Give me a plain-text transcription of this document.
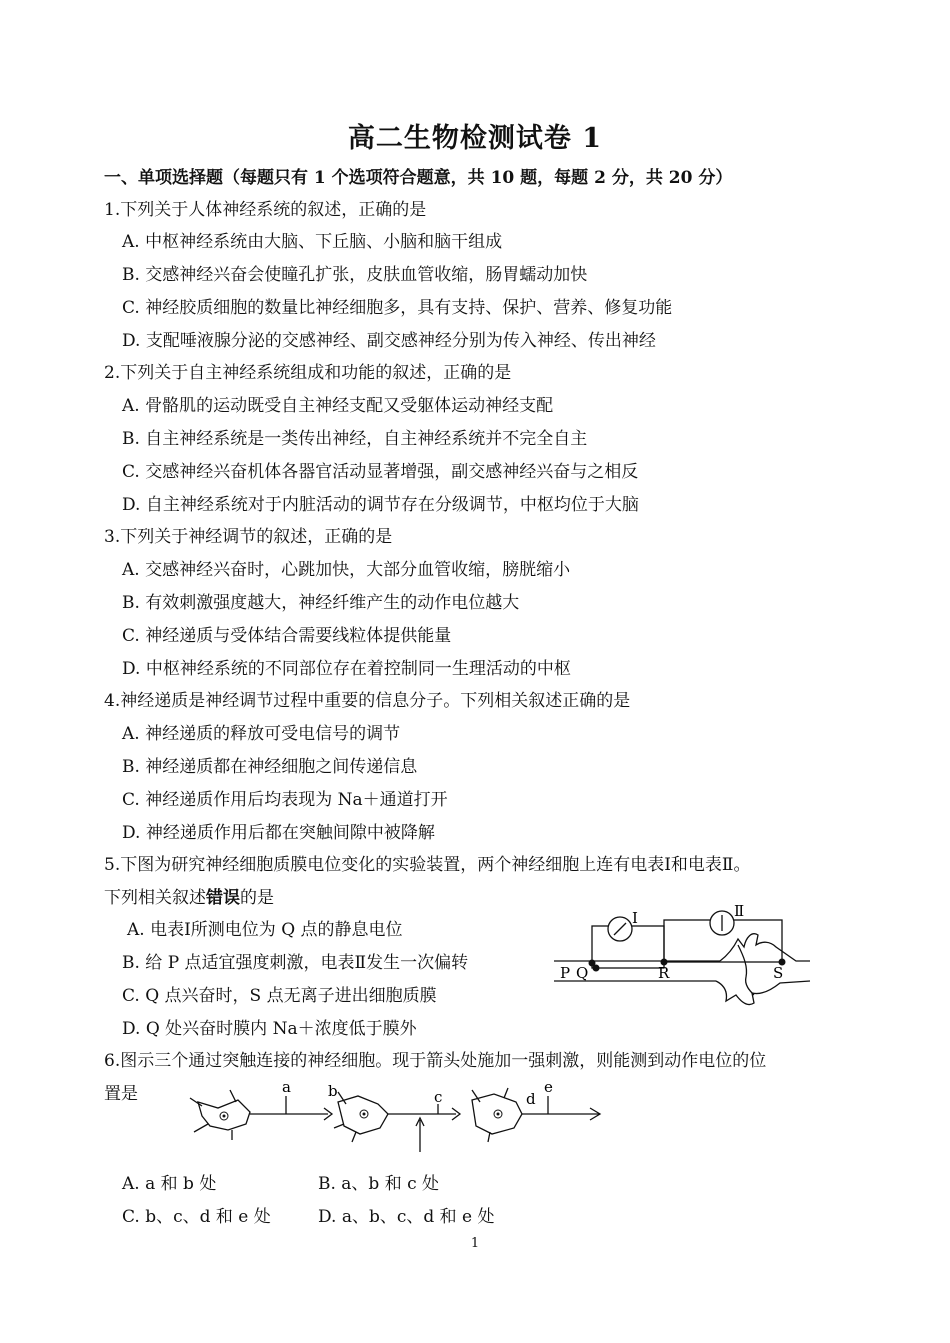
高二生物检测试卷 1
一、单项选择题（每题只有 1 个选项符合题意，共 10 题，每题 2 分，共 20 分）
1.下列关于人体神经系统的叙述，正确的是
A. 中枢神经系统由大脑、下丘脑、小脑和脑干组成
B. 交感神经兴奋会使瞳孔扩张，皮肤血管收缩，肠胃蠕动加快
C. 神经胶质细胞的数量比神经细胞多，具有支持、保护、营养、修复功能
D. 支配唾液腺分泌的交感神经、副交感神经分别为传入神经、传出神经
2.下列关于自主神经系统组成和功能的叙述，正确的是
A. 骨骼肌的运动既受自主神经支配又受躯体运动神经支配
B. 自主神经系统是一类传出神经，自主神经系统并不完全自主
C. 交感神经兴奋机体各器官活动显著增强，副交感神经兴奋与之相反
D. 自主神经系统对于内脏活动的调节存在分级调节，中枢均位于大脑
3.下列关于神经调节的叙述，正确的是
A. 交感神经兴奋时，心跳加快，大部分血管收缩，膀胱缩小
B. 有效刺激强度越大，神经纤维产生的动作电位越大
C. 神经递质与受体结合需要线粒体提供能量
D. 中枢神经系统的不同部位存在着控制同一生理活动的中枢
4.神经递质是神经调节过程中重要的信息分子。下列相关叙述正确的是
A. 神经递质的释放可受电信号的调节
B. 神经递质都在神经细胞之间传递信息
C. 神经递质作用后均表现为 Na＋通道打开
D. 神经递质作用后都在突触间隙中被降解
5.下图为研究神经细胞质膜电位变化的实验装置，两个神经细胞上连有电表Ⅰ和电表Ⅱ。
下列相关叙述错误的是
A. 电表Ⅰ所测电位为 Q 点的静息电位
B. 给 P 点适宜强度刺激，电表Ⅱ发生一次偏转
C. Q 点兴奋时，S 点无离子进出细胞质膜
D. Q 处兴奋时膜内 Na＋浓度低于膜外
Ⅰ	Ⅱ
P Q	R	S
6.图示三个通过突触连接的神经细胞。现于箭头处施加一强刺激，则能测到动作电位的位
置是	a b	c	d
e
A. a 和 b 处	B. a、b 和 c 处
C. b、c、d 和 e 处	D. a、b、c、d 和 e 处
1
